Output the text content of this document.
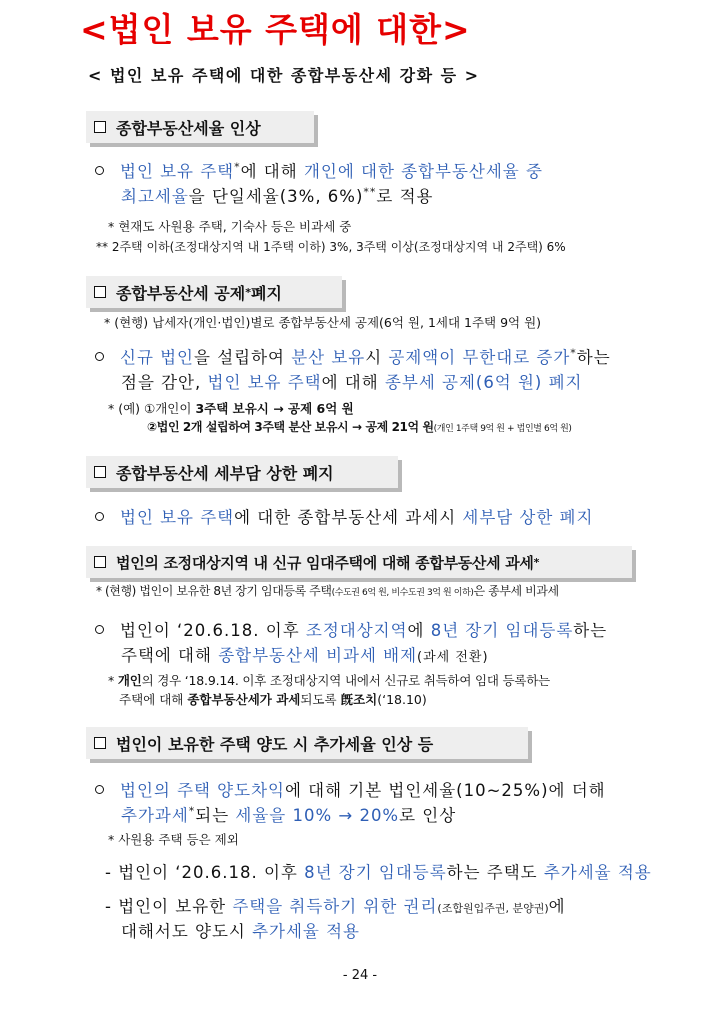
<법인 보유 주택에 대한>
< 법인 보유 주택에 대한 종합부동산세 강화 등 >
종합부동산세율 인상
법인 보유 주택*에 대해 개인에 대한 종합부동산세율 중
최고세율을 단일세율(3%, 6%)**로 적용
* 현재도 사원용 주택, 기숙사 등은 비과세 중
** 2주택 이하(조정대상지역 내 1주택 이하) 3%, 3주택 이상(조정대상지역 내 2주택) 6%
종합부동산세 공제 * 폐지
* (현행) 납세자(개인·법인)별로 종합부동산세 공제(6억 원, 1세대 1주택 9억 원)
신규 법인을 설립하여 분산 보유시 공제액이 무한대로 증가*하는
점을 감안, 법인 보유 주택에 대해 종부세 공제(6억 원) 폐지
* (예) ①개인이 3주택 보유시 → 공제 6억 원
②법인 2개 설립하여 3주택 분산 보유시 → 공제 21억 원(개인 1주택 9억 원 + 법인별 6억 원)
종합부동산세 세부담 상한 폐지
법인 보유 주택에 대한 종합부동산세 과세시 세부담 상한 폐지
법인의 조정대상지역 내 신규 임대주택에 대해 종합부동산세 과세 *
* (현행) 법인이 보유한 8년 장기 임대등록 주택(수도권 6억 원, 비수도권 3억 원 이하)은 종부세 비과세
법인이 ‘20.6.18. 이후 조정대상지역에 8년 장기 임대등록하는
주택에 대해 종합부동산세 비과세 배제(과세 전환)
* 개인의 경우 ‘18.9.14. 이후 조정대상지역 내에서 신규로 취득하여 임대 등록하는
주택에 대해 종합부동산세가 과세되도록 旣조치(‘18.10)
법인이 보유한 주택 양도 시 추가세율 인상 등
법인의 주택 양도차익에 대해 기본 법인세율(10~25%)에 더해
추가과세*되는 세율을 10% → 20%로 인상
* 사원용 주택 등은 제외
- 법인이 ‘20.6.18. 이후 8년 장기 임대등록하는 주택도 추가세율 적용
- 법인이 보유한 주택을 취득하기 위한 권리(조합원입주권, 분양권)에
대해서도 양도시 추가세율 적용
- 24 -
